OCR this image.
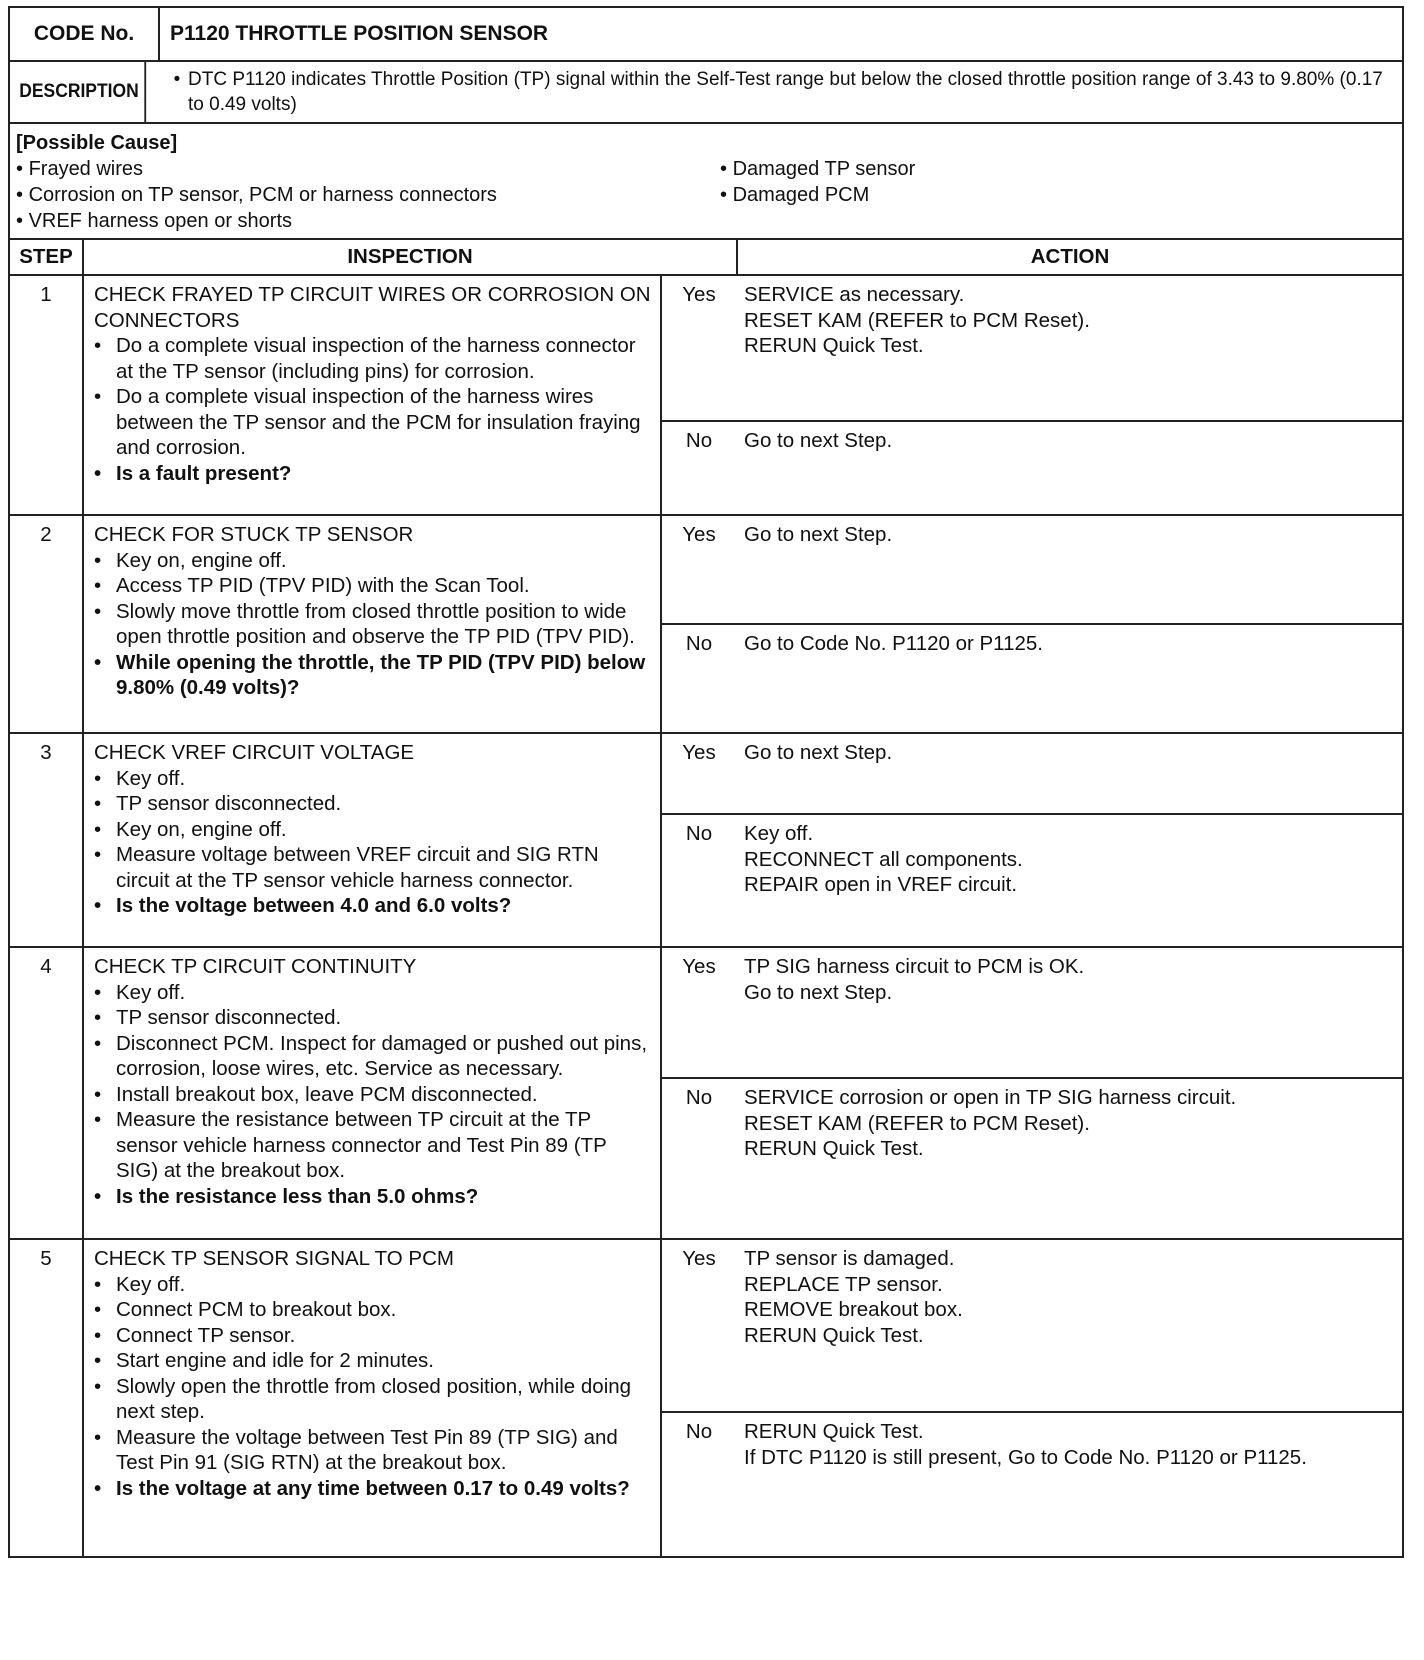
CODE No.	P1120 THROTTLE POSITION SENSOR
DESCRIPTION
• DTC P1120 indicates Throttle Position (TP) signal within the Self-Test range but below the closed throttle position range of 3.43 to 9.80% (0.17 to 0.49 volts)
[Possible Cause]
• Frayed wires
• Corrosion on TP sensor, PCM or harness connectors
• VREF harness open or shorts
• Damaged TP sensor
• Damaged PCM
STEP	INSPECTION	ACTION
1	CHECK FRAYED TP CIRCUIT WIRES OR CORROSION ON CONNECTORS
• Do a complete visual inspection of the harness connector at the TP sensor (including pins) for corrosion.
• Do a complete visual inspection of the harness wires between the TP sensor and the PCM for insulation fraying and corrosion.
• Is a fault present?

Yes	SERVICE as necessary.
RESET KAM (REFER to PCM Reset).
RERUN Quick Test.

No	Go to next Step.

2	CHECK FOR STUCK TP SENSOR
• Key on, engine off.
• Access TP PID (TPV PID) with the Scan Tool.
• Slowly move throttle from closed throttle position to wide open throttle position and observe the TP PID (TPV PID).
• While opening the throttle, the TP PID (TPV PID) below 9.80% (0.49 volts)?

Yes	Go to next Step.

No	Go to Code No. P1120 or P1125.

3	CHECK VREF CIRCUIT VOLTAGE
• Key off.
• TP sensor disconnected.
• Key on, engine off.
• Measure voltage between VREF circuit and SIG RTN circuit at the TP sensor vehicle harness connector.
• Is the voltage between 4.0 and 6.0 volts?

Yes	Go to next Step.

No	Key off.
RECONNECT all components.
REPAIR open in VREF circuit.

4	CHECK TP CIRCUIT CONTINUITY
• Key off.
• TP sensor disconnected.
• Disconnect PCM. Inspect for damaged or pushed out pins, corrosion, loose wires, etc. Service as necessary.
• Install breakout box, leave PCM disconnected.
• Measure the resistance between TP circuit at the TP sensor vehicle harness connector and Test Pin 89 (TP SIG) at the breakout box.
• Is the resistance less than 5.0 ohms?

Yes	TP SIG harness circuit to PCM is OK.
Go to next Step.

No	SERVICE corrosion or open in TP SIG harness circuit.
RESET KAM (REFER to PCM Reset).
RERUN Quick Test.

5	CHECK TP SENSOR SIGNAL TO PCM
• Key off.
• Connect PCM to breakout box.
• Connect TP sensor.
• Start engine and idle for 2 minutes.
• Slowly open the throttle from closed position, while doing next step.
• Measure the voltage between Test Pin 89 (TP SIG) and Test Pin 91 (SIG RTN) at the breakout box.
• Is the voltage at any time between 0.17 to 0.49 volts?

Yes	TP sensor is damaged.
REPLACE TP sensor.
REMOVE breakout box.
RERUN Quick Test.

No	RERUN Quick Test.
If DTC P1120 is still present, Go to Code No. P1120 or P1125.
